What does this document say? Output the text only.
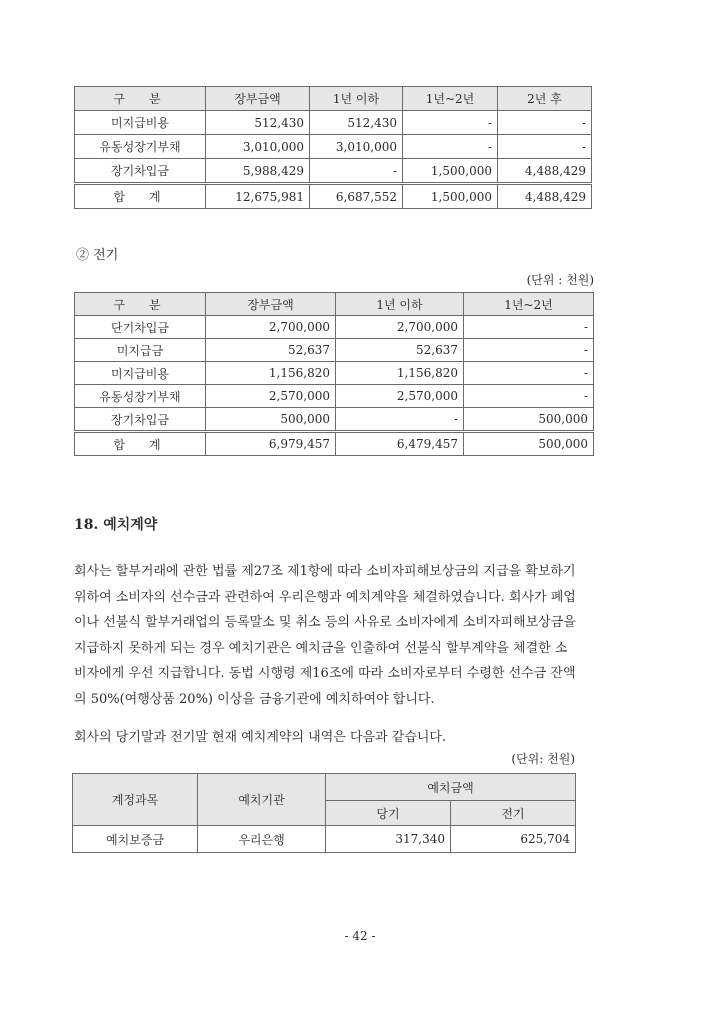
구　분	장부금액	1년 이하	1년~2년	2년 후
미지급비용	512,430	512,430	-	-
유동성장기부채	3,010,000	3,010,000	-	-
장기차입금	5,988,429	-	1,500,000	4,488,429
합　계	12,675,981	6,687,552	1,500,000	4,488,429
② 전기
(단위 : 천원)
구　분	장부금액	1년 이하	1년~2년
단기차입금	2,700,000	2,700,000	-
미지급금	52,637	52,637	-
미지급비용	1,156,820	1,156,820	-
유동성장기부채	2,570,000	2,570,000	-
장기차입금	500,000	-	500,000
합　계	6,979,457	6,479,457	500,000
18. 예치계약
회사는 할부거래에 관한 법률 제27조 제1항에 따라 소비자피해보상금의 지급을 확보하기
위하여 소비자의 선수금과 관련하여 우리은행과 예치계약을 체결하였습니다. 회사가 폐업
이나 선불식 할부거래업의 등록말소 및 취소 등의 사유로 소비자에게 소비자피해보상금을
지급하지 못하게 되는 경우 예치기관은 예치금을 인출하여 선불식 할부계약을 체결한 소
비자에게 우선 지급합니다. 동법 시행령 제16조에 따라 소비자로부터 수령한 선수금 잔액
의 50%(여행상품 20%) 이상을 금융기관에 예치하여야 합니다.
회사의 당기말과 전기말 현재 예치계약의 내역은 다음과 같습니다.
(단위: 천원)
계정과목	예치기관	예치금액	
		당기	전기
예치보증금	우리은행	317,340	625,704
- 42 -
